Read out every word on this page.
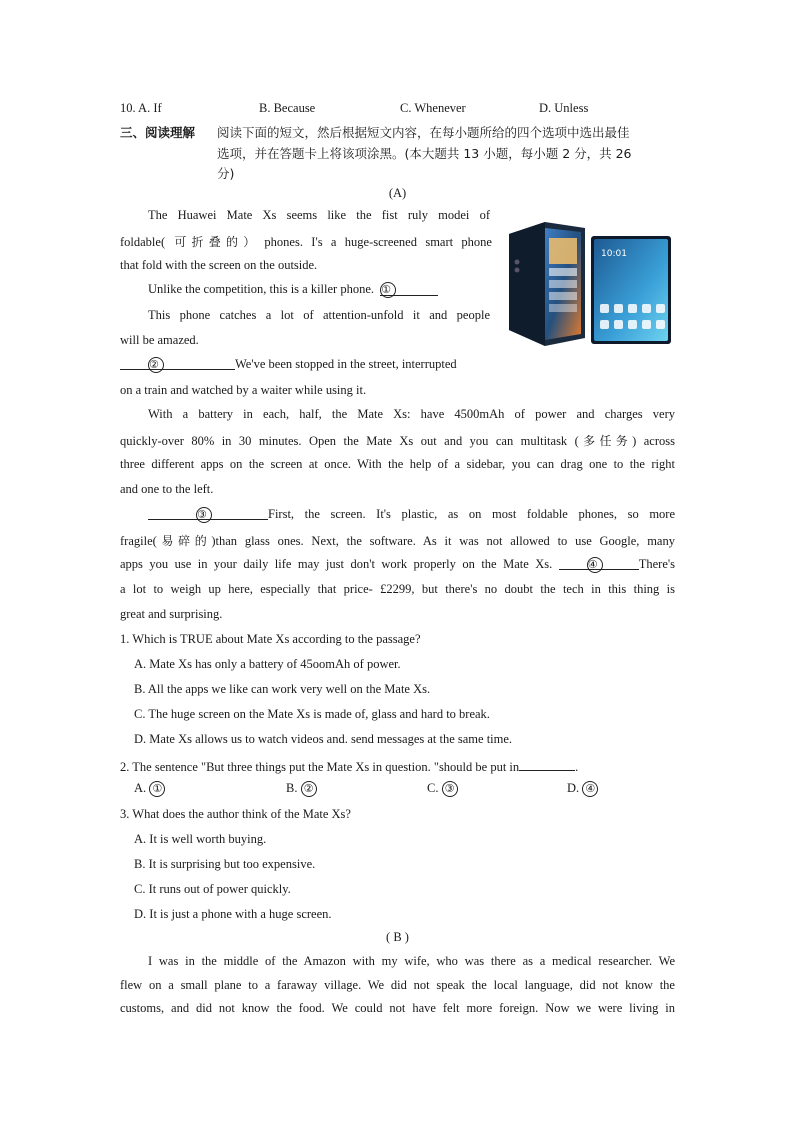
10. A. If	B. Because	C. Whenever	D. Unless
三、阅读理解 阅读下面的短文，然后根据短文内容，在每小题所给的四个选项中选出最佳
选项，并在答题卡上将该项涂黑。(本大题共 13 小题，每小题 2 分，共 26
分)
(A)
The Huawei Mate Xs seems like the fist ruly modei of
foldable( 可折叠的） phones. I's a huge-screened smart phone
that fold with the screen on the outside.
Unlike the competition, this is a killer phone. ①
This phone catches a lot of attention-unfold it and people
will be amazed.
②	We've been stopped in the street, interrupted
on a train and watched by a waiter while using it.
With a battery in each, half, the Mate Xs: have 4500mAh of power and charges very
quickly-over 80% in 30 minutes. Open the Mate Xs out and you can multitask (多任务) across
three different apps on the screen at once. With the help of a sidebar, you can drag one to the right
and one to the left.
③	First, the screen. It's plastic, as on most foldable phones, so more
fragile(易碎的)than glass ones. Next, the software. As it was not allowed to use Google, many
apps you use in your daily life may just don't work properly on the Mate Xs.	④	There's
a lot to weigh up here, especially that price- £2299, but there's no doubt the tech in this thing is
great and surprising.
10:01
1. Which is TRUE about Mate Xs according to the passage?
A. Mate Xs has only a battery of 45oomAh of power.
B. All the apps we like can work very well on the Mate Xs.
C. The huge screen on the Mate Xs is made of, glass and hard to break.
D. Mate Xs allows us to watch videos and. send messages at the same time.
2. The sentence "But three things put the Mate Xs in question. "should be put in	.
A. ①	B. ②	C. ③	D. ④
3. What does the author think of the Mate Xs?
A. It is well worth buying.
B. It is surprising but too expensive.
C. It runs out of power quickly.
D. It is just a phone with a huge screen.
( B )
I was in the middle of the Amazon with my wife, who was there as a medical researcher. We
flew on a small plane to a faraway village. We did not speak the local language, did not know the
customs, and did not know the food. We could not have felt more foreign. Now we were living in
